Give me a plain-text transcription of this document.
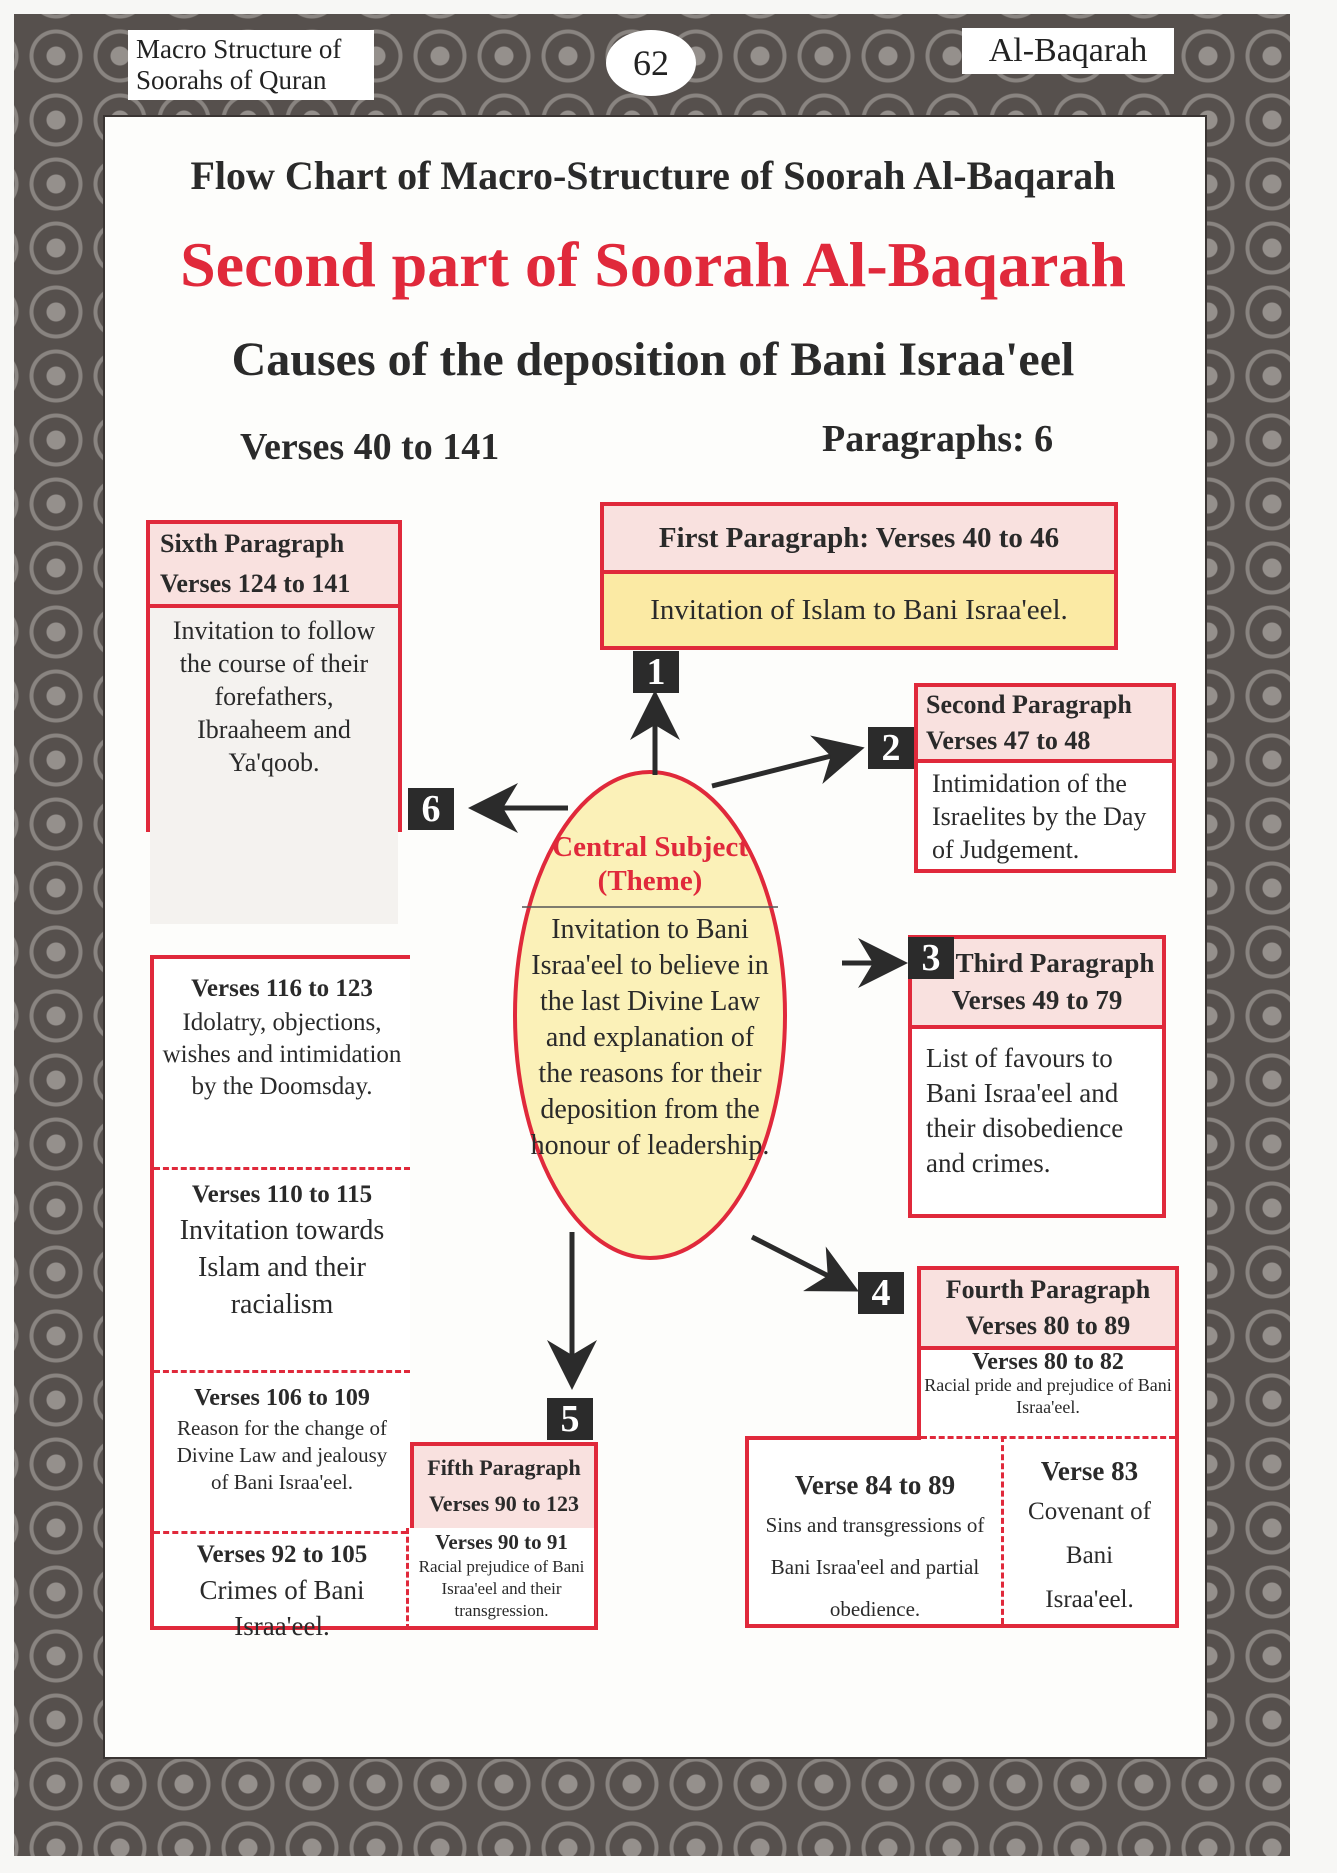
Macro Structure of Soorahs of Quran	62	Al-Baqarah
Flow Chart of Macro-Structure of Soorah Al-Baqarah
Second part of Soorah Al-Baqarah
Causes of the deposition of Bani Israa'eel
Verses 40 to 141	Paragraphs: 6
Central Subject (Theme)
Invitation to Bani Israa'eel to believe in the last Divine Law and explanation of the reasons for their deposition from the honour of leadership.
First Paragraph: Verses 40 to 46
Invitation of Islam to Bani Israa'eel.
1
Second Paragraph
Verses 47 to 48
Intimidation of the Israelites by the Day of Judgement.
2
Third Paragraph
Verses 49 to 79
List of favours to Bani Israa'eel and their disobedience and crimes.
3
Fourth Paragraph
Verses 80 to 89
Verses 80 to 82
Racial pride and prejudice of Bani Israa'eel.
Verse 84 to 89
Sins and transgressions of Bani Israa'eel and partial obedience.
Verse 83
Covenant of Bani Israa'eel.
4
Sixth Paragraph
Verses 124 to 141
Invitation to follow the course of their forefathers, Ibraaheem and Ya'qoob.
6
Verses 116 to 123
Idolatry, objections, wishes and intimidation by the Doomsday.
Verses 110 to 115
Invitation towards Islam and their racialism
Verses 106 to 109
Reason for the change of Divine Law and jealousy of Bani Israa'eel.
Verses 92 to 105
Crimes of Bani Israa'eel.
Fifth Paragraph
Verses 90 to 123
Verses 90 to 91
Racial prejudice of Bani Israa'eel and their transgression.
5
